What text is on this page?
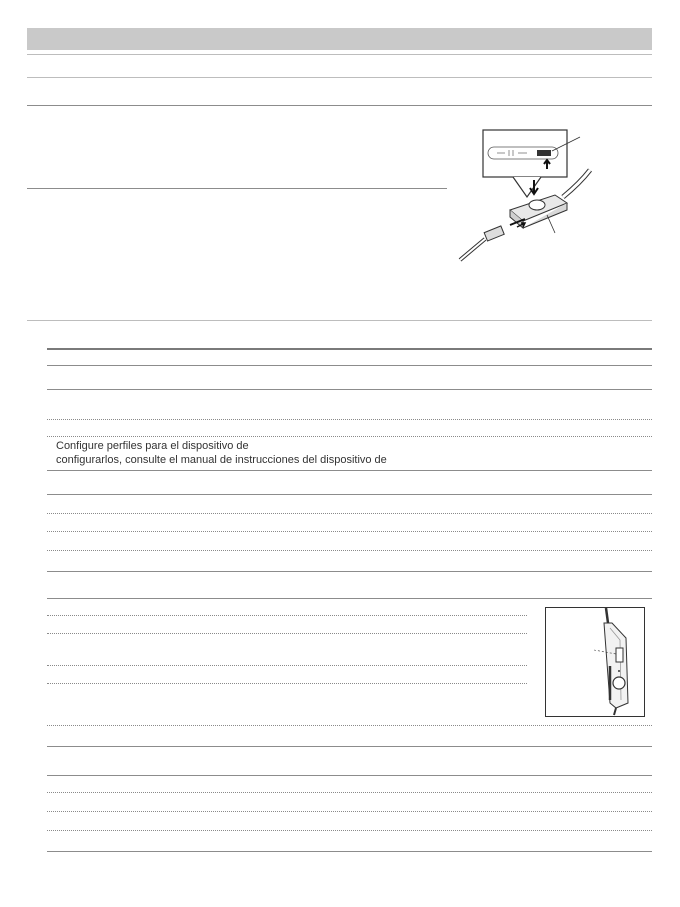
Configure perfiles para el dispositivo de
configurarlos, consulte el manual de instrucciones del dispositivo de
